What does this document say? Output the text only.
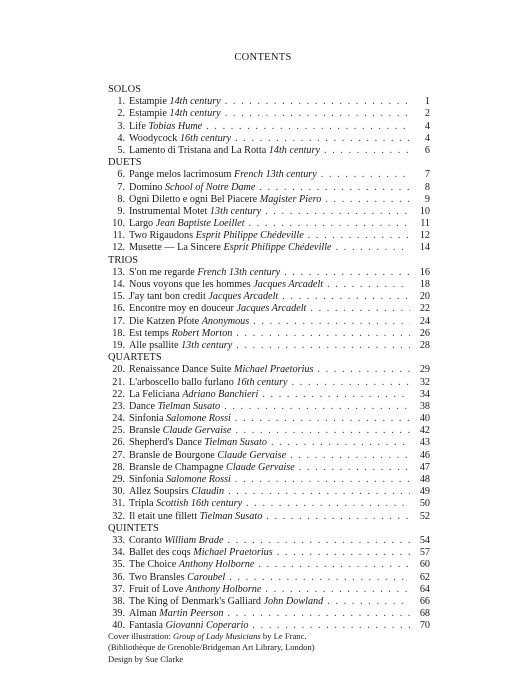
CONTENTS
SOLOS
1. Estampie 14th century . . .	1
2. Estampie 14th century . . .	2
3. Life Tobias Hume . . .	4
4. Woodycock 16th century . . .	4
5. Lamento di Tristana and La Rotta 14th century . . .	6
DUETS
6. Pange melos lacrimosum French 13th century . . .	7
7. Domino School of Notre Dame . . .	8
8. Ogni Diletto e ogni Bel Piacere Magister Piero . . .	9
9. Instrumental Motet 13th century . . .	10
10. Largo Jean Baptiste Loeillet . . .	11
11. Two Rigaudons Esprit Philippe Chédeville . . .	12
12. Musette — La Sincere Esprit Philippe Chédeville . . .	14
TRIOS
13. S'on me regarde French 13th century . . .	16
14. Nous voyons que les hommes Jacques Arcadelt . . .	18
15. J'ay tant bon credit Jacques Arcadelt . . .	20
16. Encontre moy en douceur Jacques Arcadelt . . .	22
17. Die Katzen Pfote Anonymous . . .	24
18. Est temps Robert Morton . . .	26
19. Alle psallite 13th century . . .	28
QUARTETS
20. Renaissance Dance Suite Michael Praetorius . . .	29
21. L'arboscello ballo furlano 16th century . . .	32
22. La Feliciana Adriano Banchieri . . .	34
23. Dance Tielman Susato . . .	38
24. Sinfonia Salomone Rossi . . .	40
25. Bransle Claude Gervaise . . .	42
26. Shepherd's Dance Tielman Susato . . .	43
27. Bransle de Bourgone Claude Gervaise . . .	46
28. Bransle de Champagne Claude Gervaise . . .	47
29. Sinfonia Salomone Rossi . . .	48
30. Allez Soupsirs Claudin . . .	49
31. Tripla Scottish 16th century . . .	50
32. Il etait une fillett Tielman Susato . . .	52
QUINTETS
33. Coranto William Brade . . .	54
34. Ballet des coqs Michael Praetorius . . .	57
35. The Choice Anthony Holborne . . .	60
36. Two Bransles Caroubel . . .	62
37. Fruit of Love Anthony Holborne . . .	64
38. The King of Denmark's Galliard John Dowland . . .	66
39. Alman Martin Peerson . . .	68
40. Fantasia Giovanni Coperario . . .	70
Cover illustration: Group of Lady Musicians by Le Franc.
(Bibliothèque de Grenoble/Bridgeman Art Library, London)
Design by Sue Clarke
